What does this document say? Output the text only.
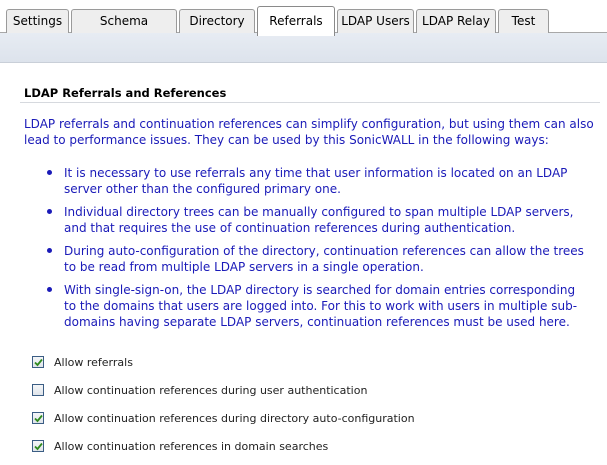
Settings	Schema	Directory	Referrals	LDAP Users	LDAP Relay	Test
LDAP Referrals and References
LDAP referrals and continuation references can simplify configuration, but using them can also lead to performance issues. They can be used by this SonicWALL in the following ways:
It is necessary to use referrals any time that user information is located on an LDAP server other than the configured primary one.
Individual directory trees can be manually configured to span multiple LDAP servers, and that requires the use of continuation references during authentication.
During auto-configuration of the directory, continuation references can allow the trees to be read from multiple LDAP servers in a single operation.
With single-sign-on, the LDAP directory is searched for domain entries corresponding to the domains that users are logged into. For this to work with users in multiple sub-domains having separate LDAP servers, continuation references must be used here.
Allow referrals
Allow continuation references during user authentication
Allow continuation references during directory auto-configuration
Allow continuation references in domain searches
